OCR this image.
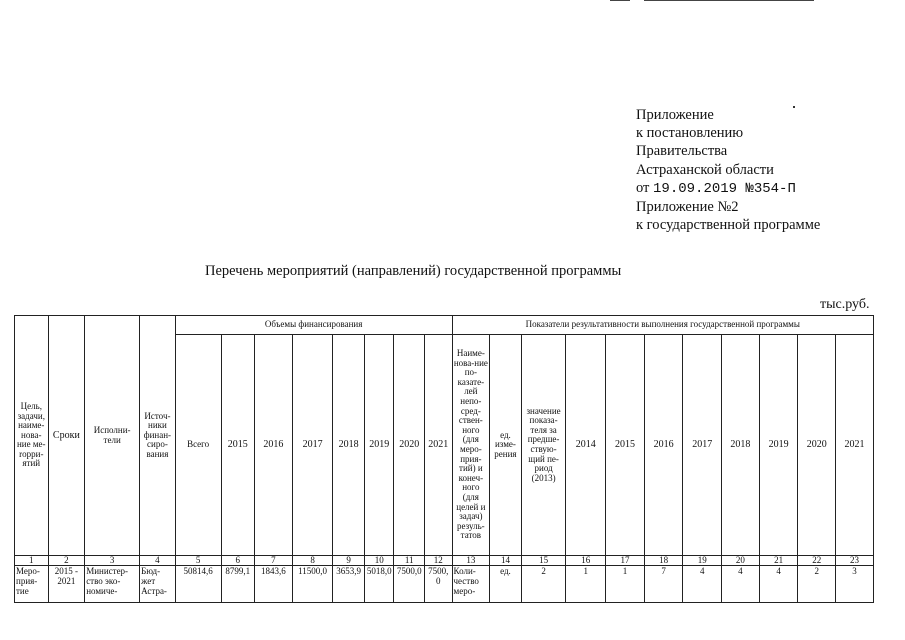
Приложение
к постановлению
Правительства
Астраханской области
от 19.09.2019 №354-П
Приложение №2
к государственной программе
Перечень мероприятий (направлений) государственной программы
тыс.руб.
Цель, задачи, наиме-нова-ние ме-ropри-ятий	Сроки	Исполни-тели	Источ-ники финан-сиро-вания	Объемы финансирования								Показатели результативности выполнения государственной программы										
				Всего	2015	2016	2017	2018	2019	2020	2021	Наиме-нова-ние по-казате-лей непо-сред-ствен-ного (для меро-прия-тий) и конеч-ного (для целей и задач) резуль-татов	ед. изме-рения	значение показа-теля за предше-ствую-щий пе-риод (2013)	2014	2015	2016	2017	2018	2019	2020	2021
1	2	3	4	5	6	7	8	9	10	11	12	13	14	15	16	17	18	19	20	21	22	23
Меро-прия-тие	2015 - 2021	Министер-ство эко-номиче-	Бюд-жет Астра-	50814,6	8799,1	1843,6	11500,0	3653,9	5018,0	7500,0	7500,0	Коли-чество меро-	ед.	2	1	1	7	4	4	4	2	3
